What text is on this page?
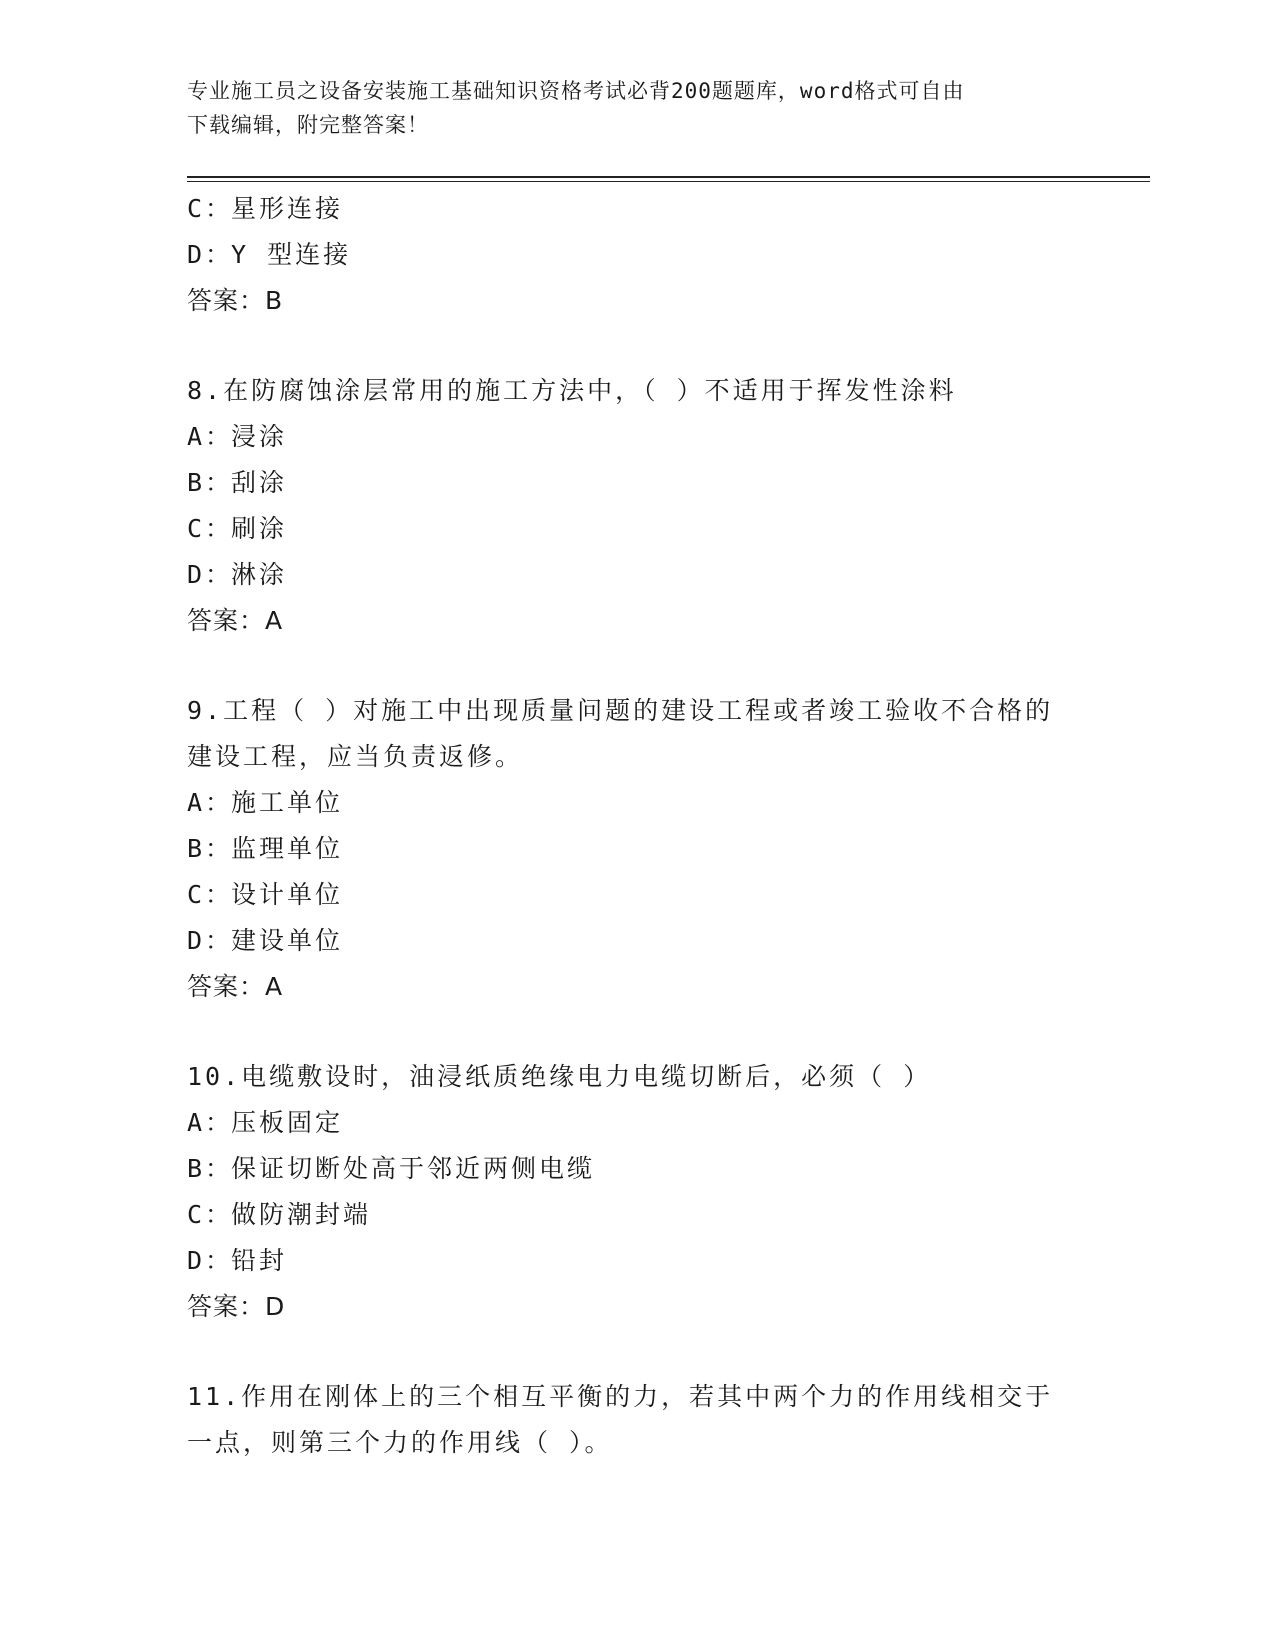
专业施工员之设备安装施工基础知识资格考试必背200题题库，word格式可自由
下载编辑，附完整答案！
C：星形连接
D：Y 型连接
答案：B
8.在防腐蚀涂层常用的施工方法中，（ ）不适用于挥发性涂料
A：浸涂
B：刮涂
C：刷涂
D：淋涂
答案：A
9.工程（ ）对施工中出现质量问题的建设工程或者竣工验收不合格的
建设工程，应当负责返修。
A：施工单位
B：监理单位
C：设计单位
D：建设单位
答案：A
10.电缆敷设时，油浸纸质绝缘电力电缆切断后，必须（ ）
A：压板固定
B：保证切断处高于邻近两侧电缆
C：做防潮封端
D：铅封
答案：D
11.作用在刚体上的三个相互平衡的力，若其中两个力的作用线相交于
一点，则第三个力的作用线（ ）。
